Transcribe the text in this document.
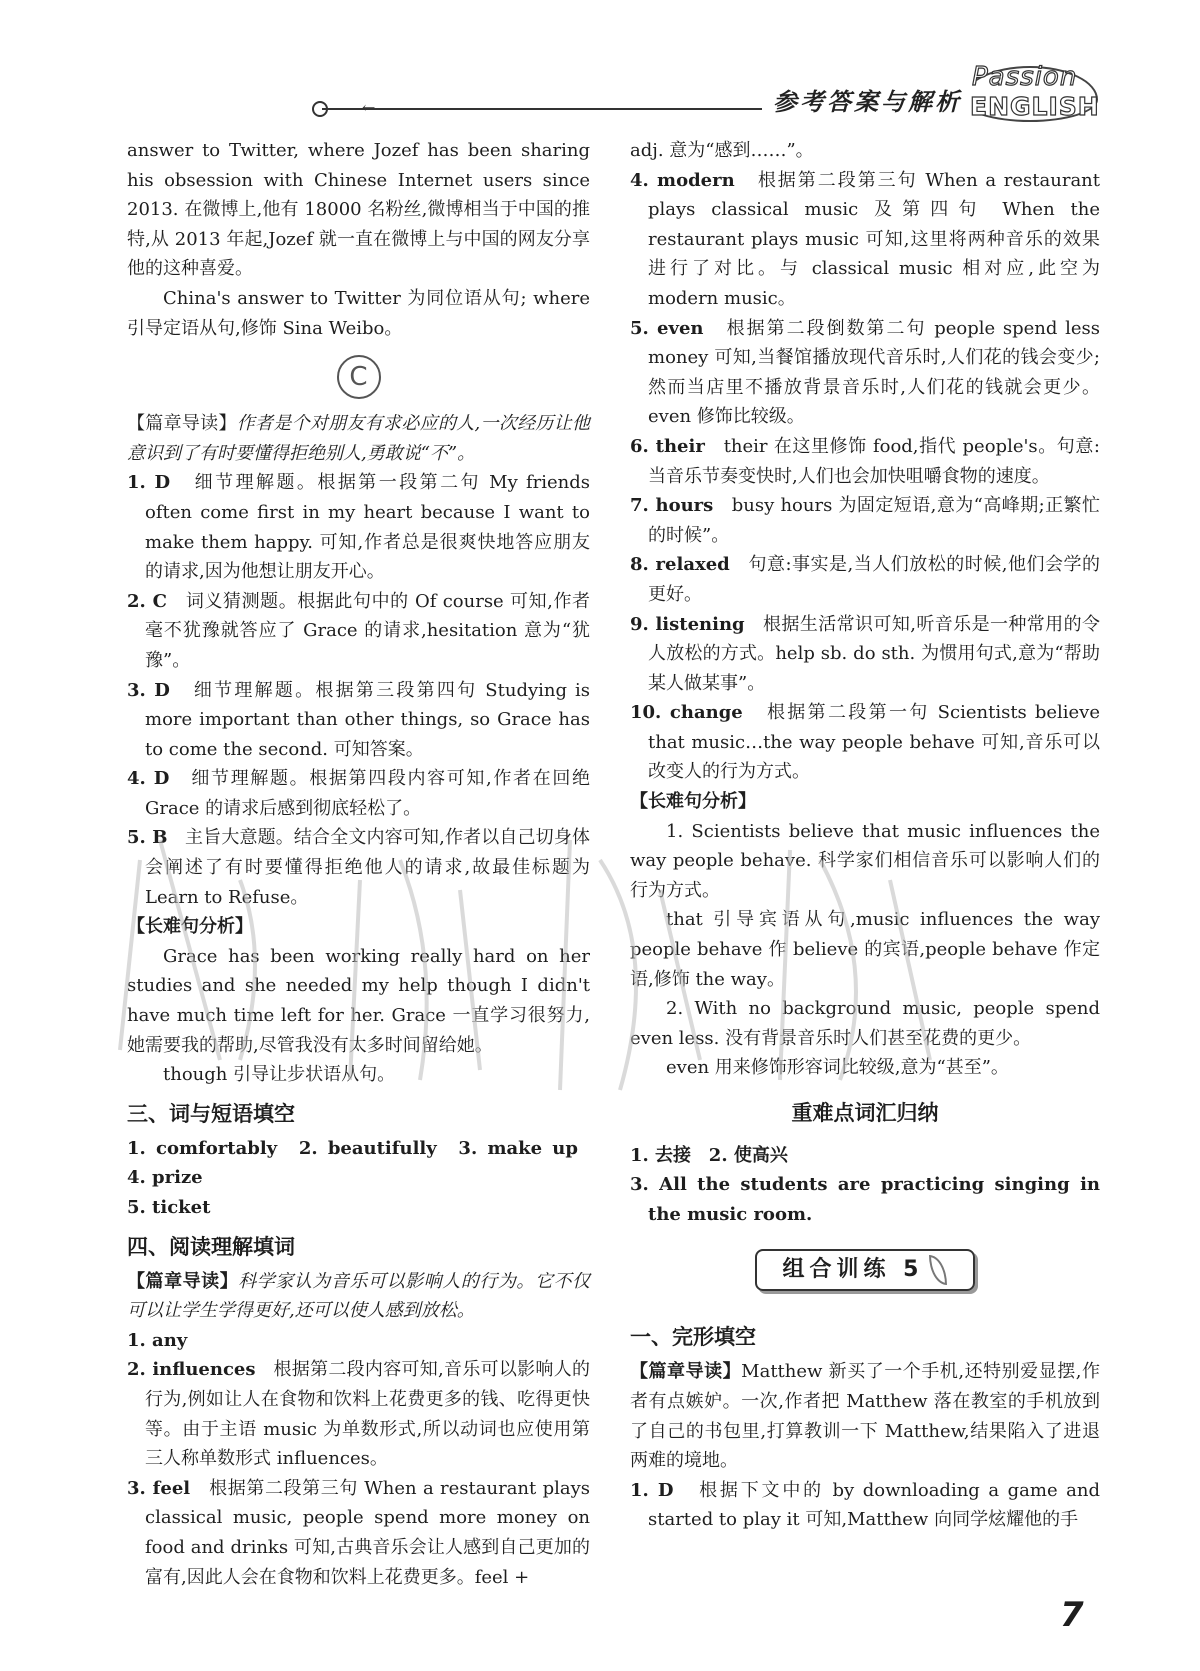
←	参考答案与解析
Passion
ENGLISH

answer to Twitter, where Jozef has been sharing his obsession with Chinese Internet users since 2013. 在微博上,他有 18000 名粉丝,微博相当于中国的推特,从 2013 年起,Jozef 就一直在微博上与中国的网友分享他的这种喜爱。

China's answer to Twitter 为同位语从句; where 引导定语从句,修饰 Sina Weibo。

C

【篇章导读】作者是个对朋友有求必应的人,一次经历让他意识到了有时要懂得拒绝别人,勇敢说“不”。

1. D 细节理解题。根据第一段第二句 My friends often come first in my heart because I want to make them happy. 可知,作者总是很爽快地答应朋友的请求,因为他想让朋友开心。
2. C 词义猜测题。根据此句中的 Of course 可知,作者毫不犹豫就答应了 Grace 的请求,hesitation 意为“犹豫”。
3. D 细节理解题。根据第三段第四句 Studying is more important than other things, so Grace has to come the second. 可知答案。
4. D 细节理解题。根据第四段内容可知,作者在回绝 Grace 的请求后感到彻底轻松了。
5. B 主旨大意题。结合全文内容可知,作者以自己切身体会阐述了有时要懂得拒绝他人的请求,故最佳标题为 Learn to Refuse。

【长难句分析】

Grace has been working really hard on her studies and she needed my help though I didn't have much time left for her. Grace 一直学习很努力,她需要我的帮助,尽管我没有太多时间留给她。

though 引导让步状语从句。

三、词与短语填空

1. comfortably 2. beautifully 3. make up 4. prize
5. ticket

四、阅读理解填词

【篇章导读】科学家认为音乐可以影响人的行为。它不仅可以让学生学得更好,还可以使人感到放松。

1. any
2. influences 根据第二段内容可知,音乐可以影响人的行为,例如让人在食物和饮料上花费更多的钱、吃得更快等。由于主语 music 为单数形式,所以动词也应使用第三人称单数形式 influences。
3. feel 根据第二段第三句 When a restaurant plays classical music, people spend more money on food and drinks 可知,古典音乐会让人感到自己更加的富有,因此人会在食物和饮料上花费更多。feel +

adj. 意为“感到……”。

4. modern 根据第二段第三句 When a restaurant plays classical music 及第四句 When the restaurant plays music 可知,这里将两种音乐的效果进行了对比。与 classical music 相对应,此空为 modern music。
5. even 根据第二段倒数第二句 people spend less money 可知,当餐馆播放现代音乐时,人们花的钱会变少;然而当店里不播放背景音乐时,人们花的钱就会更少。even 修饰比较级。
6. their their 在这里修饰 food,指代 people's。句意:当音乐节奏变快时,人们也会加快咀嚼食物的速度。
7. hours busy hours 为固定短语,意为“高峰期;正繁忙的时候”。
8. relaxed 句意:事实是,当人们放松的时候,他们会学的更好。
9. listening 根据生活常识可知,听音乐是一种常用的令人放松的方式。help sb. do sth. 为惯用句式,意为“帮助某人做某事”。
10. change 根据第二段第一句 Scientists believe that music…the way people behave 可知,音乐可以改变人的行为方式。

【长难句分析】

1. Scientists believe that music influences the way people behave. 科学家们相信音乐可以影响人们的行为方式。

that 引导宾语从句,music influences the way people behave 作 believe 的宾语,people behave 作定语,修饰 the way。

2. With no background music, people spend even less. 没有背景音乐时人们甚至花费的更少。

even 用来修饰形容词比较级,意为“甚至”。

重难点词汇归纳

1. 去接 2. 使高兴

3. All the students are practicing singing in the music room.
组合训练 5
一、完形填空

【篇章导读】Matthew 新买了一个手机,还特别爱显摆,作者有点嫉妒。一次,作者把 Matthew 落在教室的手机放到了自己的书包里,打算教训一下 Matthew,结果陷入了进退两难的境地。

1. D 根据下文中的 by downloading a game and started to play it 可知,Matthew 向同学炫耀他的手
7
